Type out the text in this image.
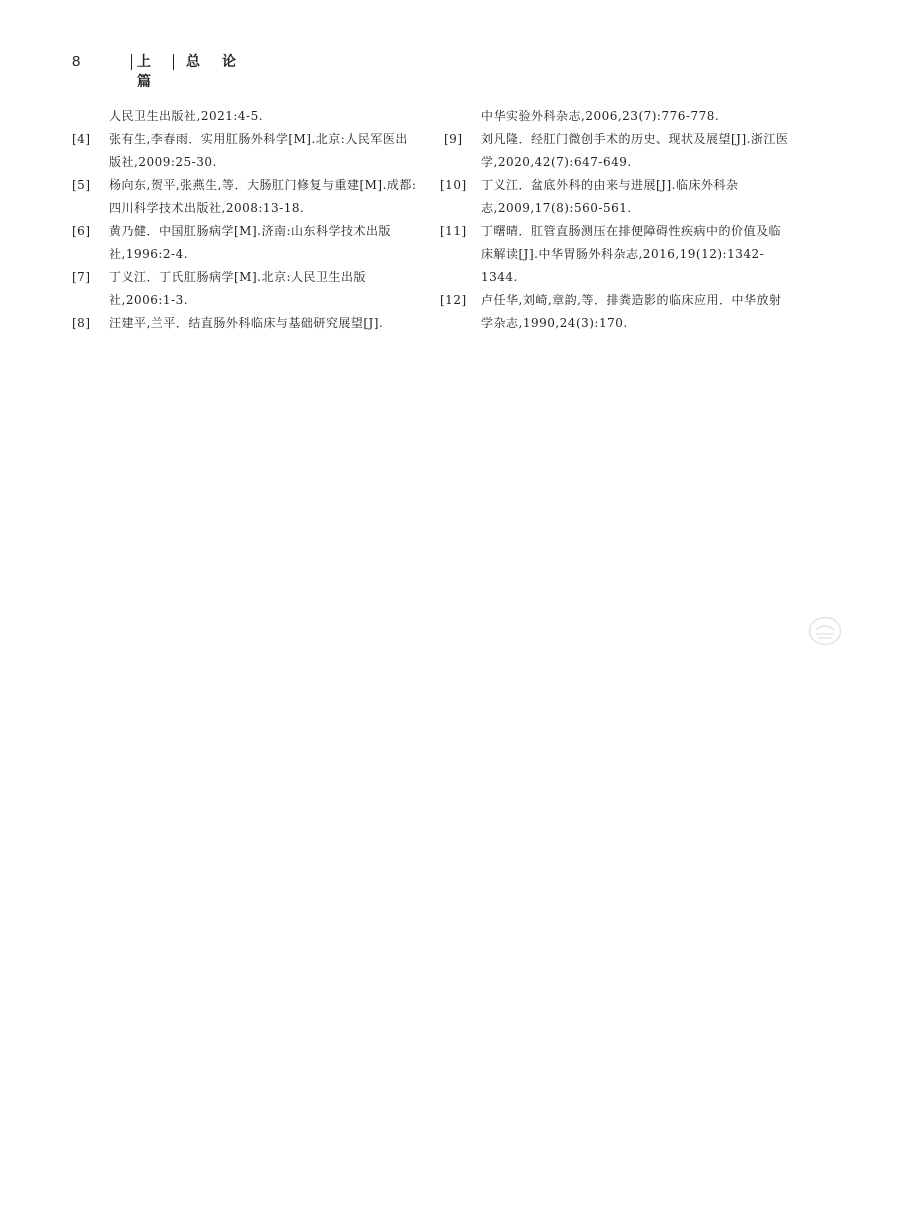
8	上篇
总论
人民卫生出版社,2021:4-5.
[4] 张有生,李春雨．实用肛肠外科学[M].北京:人民军医出版社,2009:25-30.
[5] 杨向东,贺平,张燕生,等．大肠肛门修复与重建[M].成都:四川科学技术出版社,2008:13-18.
[6] 黄乃健．中国肛肠病学[M].济南:山东科学技术出版社,1996:2-4.
[7] 丁义江．丁氏肛肠病学[M].北京:人民卫生出版社,2006:1-3.
[8] 汪建平,兰平．结直肠外科临床与基础研究展望[J].
中华实验外科杂志,2006,23(7):776-778.
[9] 刘凡隆．经肛门微创手术的历史、现状及展望[J].浙江医学,2020,42(7):647-649.
[10] 丁义江．盆底外科的由来与进展[J].临床外科杂志,2009,17(8):560-561.
[11] 丁曙晴．肛管直肠测压在排便障碍性疾病中的价值及临床解读[J].中华胃肠外科杂志,2016,19(12):1342-1344.
[12] 卢任华,刘崎,章韵,等．排粪造影的临床应用．中华放射学杂志,1990,24(3):170.
